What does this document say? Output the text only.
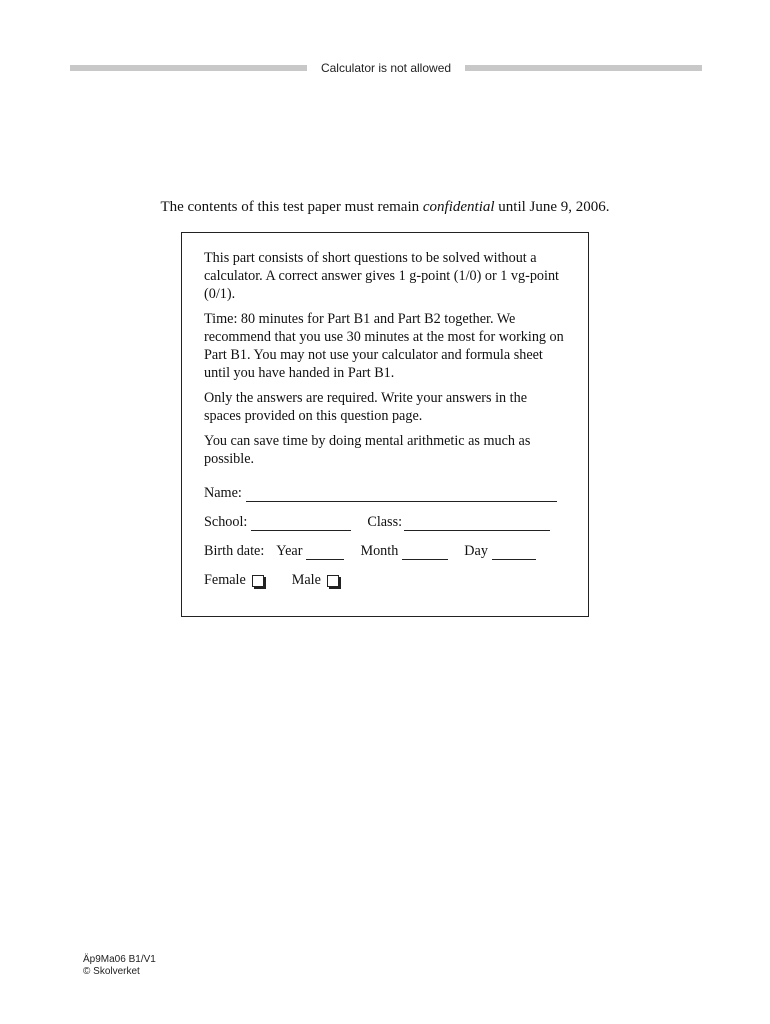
Calculator is not allowed
The contents of this test paper must remain confidential until June 9, 2006.

This part consists of short questions to be solved without a calculator. A correct answer gives 1 g-point (1/0) or 1 vg-point (0/1).

Time: 80 minutes for Part B1 and Part B2 together. We recommend that you use 30 minutes at the most for working on Part B1. You may not use your calculator and formula sheet until you have handed in Part B1.

Only the answers are required. Write your answers in the spaces provided on this question page.

You can save time by doing mental arithmetic as much as possible.

Name:
School:	Class:
Birth date: Year	Month	Day
Female	Male
Äp9Ma06 B1/V1
© Skolverket
